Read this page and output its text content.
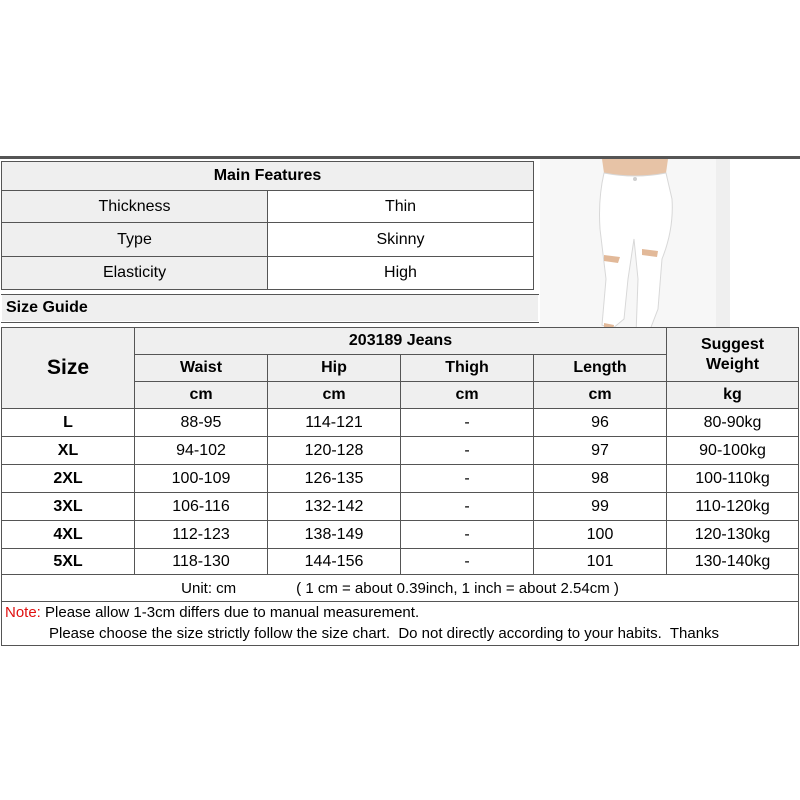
Main Features
Thickness	Thin
Type	Skinny
Elasticity	High
Size Guide
Size
203189 Jeans	Suggest
Weight
Waist	Hip	Thigh	Length
cm	cm	cm	cm	kg
L	88-95	114-121	-	96	80-90kg
XL	94-102	120-128	-	97	90-100kg
2XL	100-109	126-135	-	98	100-110kg
3XL	106-116	132-142	-	99	110-120kg
4XL	112-123	138-149	-	100	120-130kg
5XL	118-130	144-156	-	101	130-140kg
Unit: cm	( 1 cm = about 0.39inch, 1 inch = about 2.54cm )
Note: Please allow 1-3cm differs due to manual measurement.
Please choose the size strictly follow the size chart.  Do not directly according to your habits.  Thanks
